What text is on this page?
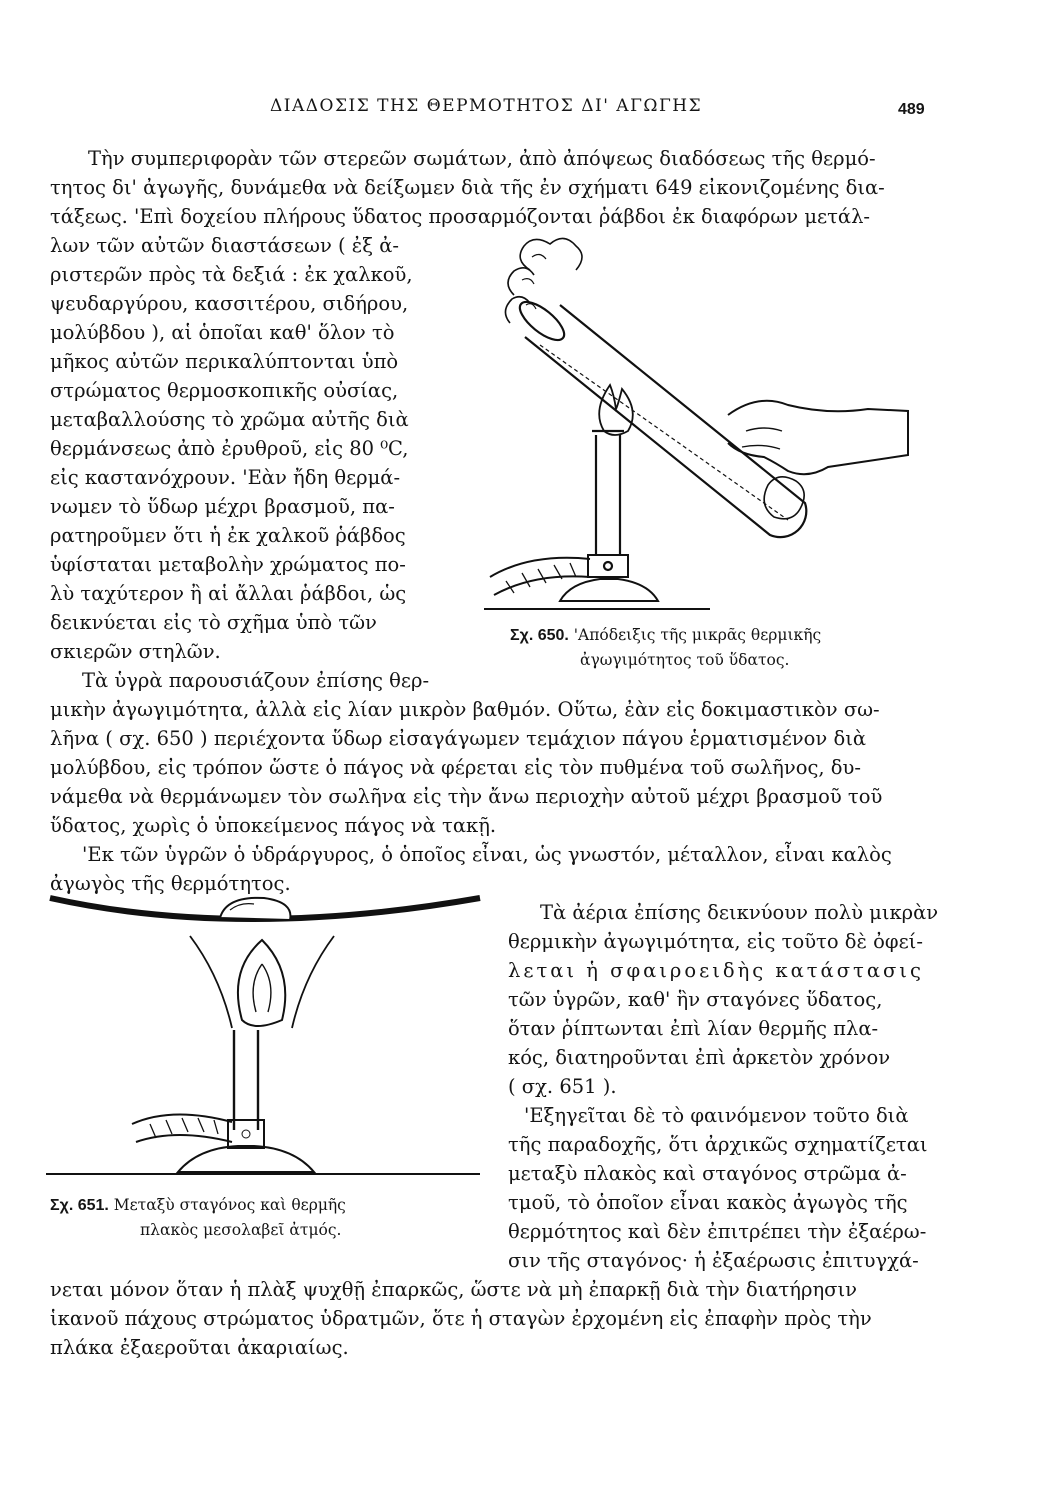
ΔΙΑΔΟΣΙΣ ΤΗΣ ΘΕΡΜΟΤΗΤΟΣ ΔΙ' ΑΓΩΓΗΣ	489
Τὴν συμπεριφορὰν τῶν στερεῶν σωμάτων, ἀπὸ ἀπόψεως διαδόσεως τῆς θερμό-
τητος δι' ἀγωγῆς, δυνάμεθα νὰ δείξωμεν διὰ τῆς ἐν σχήματι 649 εἰκονιζομένης δια-
τάξεως. 'Επὶ δοχείου πλήρους ὕδατος προσαρμόζονται ῥάβδοι ἐκ διαφόρων μετάλ-
λων τῶν αὐτῶν διαστάσεων ( ἐξ ἀ-
ριστερῶν πρὸς τὰ δεξιά : ἐκ χαλκοῦ,
ψευδαργύρου, κασσιτέρου, σιδήρου,
μολύβδου ), αἱ ὁποῖαι καθ' ὅλον τὸ
μῆκος αὐτῶν περικαλύπτονται ὑπὸ
στρώματος θερμοσκοπικῆς οὐσίας,
μεταβαλλούσης τὸ χρῶμα αὐτῆς διὰ
θερμάνσεως ἀπὸ ἐρυθροῦ, εἰς 80 ⁰C,
εἰς καστανόχρουν. 'Εὰν ἤδη θερμά-
νωμεν τὸ ὕδωρ μέχρι βρασμοῦ, πα-
ρατηροῦμεν ὅτι ἡ ἐκ χαλκοῦ ῥάβδος
ὑφίσταται μεταβολὴν χρώματος πο-
λὺ ταχύτερον ἢ αἱ ἄλλαι ῥάβδοι, ὡς
δεικνύεται εἰς τὸ σχῆμα ὑπὸ τῶν
σκιερῶν στηλῶν.
Τὰ ὑγρὰ παρουσιάζουν ἐπίσης θερ-
μικὴν ἀγωγιμότητα, ἀλλὰ εἰς λίαν μικρὸν βαθμόν. Οὕτω, ἐὰν εἰς δοκιμαστικὸν σω-
λῆνα ( σχ. 650 ) περιέχοντα ὕδωρ εἰσαγάγωμεν τεμάχιον πάγου ἑρματισμένον διὰ
μολύβδου, εἰς τρόπον ὥστε ὁ πάγος νὰ φέρεται εἰς τὸν πυθμένα τοῦ σωλῆνος, δυ-
νάμεθα νὰ θερμάνωμεν τὸν σωλῆνα εἰς τὴν ἄνω περιοχὴν αὐτοῦ μέχρι βρασμοῦ τοῦ
ὕδατος, χωρὶς ὁ ὑποκείμενος πάγος νὰ τακῇ.
'Εκ τῶν ὑγρῶν ὁ ὑδράργυρος, ὁ ὁποῖος εἶναι, ὡς γνωστόν, μέταλλον, εἶναι καλὸς
ἀγωγὸς τῆς θερμότητος.
Τὰ ἀέρια ἐπίσης δεικνύουν πολὺ μικρὰν
θερμικὴν ἀγωγιμότητα, εἰς τοῦτο δὲ ὀφεί-
λεται ἡ σφαιροειδὴς κατάστασις
τῶν ὑγρῶν, καθ' ἣν σταγόνες ὕδατος,
ὅταν ῥίπτωνται ἐπὶ λίαν θερμῆς πλα-
κός, διατηροῦνται ἐπὶ ἀρκετὸν χρόνον
( σχ. 651 ).
'Εξηγεῖται δὲ τὸ φαινόμενον τοῦτο διὰ
τῆς παραδοχῆς, ὅτι ἀρχικῶς σχηματίζεται
μεταξὺ πλακὸς καὶ σταγόνος στρῶμα ἀ-
τμοῦ, τὸ ὁποῖον εἶναι κακὸς ἀγωγὸς τῆς
θερμότητος καὶ δὲν ἐπιτρέπει τὴν ἐξαέρω-
σιν τῆς σταγόνος· ἡ ἐξαέρωσις ἐπιτυγχά-
νεται μόνον ὅταν ἡ πλὰξ ψυχθῇ ἐπαρκῶς, ὥστε νὰ μὴ ἐπαρκῇ διὰ τὴν διατήρησιν
ἱκανοῦ πάχους στρώματος ὑδρατμῶν, ὅτε ἡ σταγὼν ἐρχομένη εἰς ἐπαφὴν πρὸς τὴν
πλάκα ἐξαεροῦται ἀκαριαίως.
Σχ. 650. 'Απόδειξις τῆς μικρᾶς θερμικῆς
ἀγωγιμότητος τοῦ ὕδατος.
Σχ. 651. Μεταξὺ σταγόνος καὶ θερμῆς
πλακὸς μεσολαβεῖ ἀτμός.
